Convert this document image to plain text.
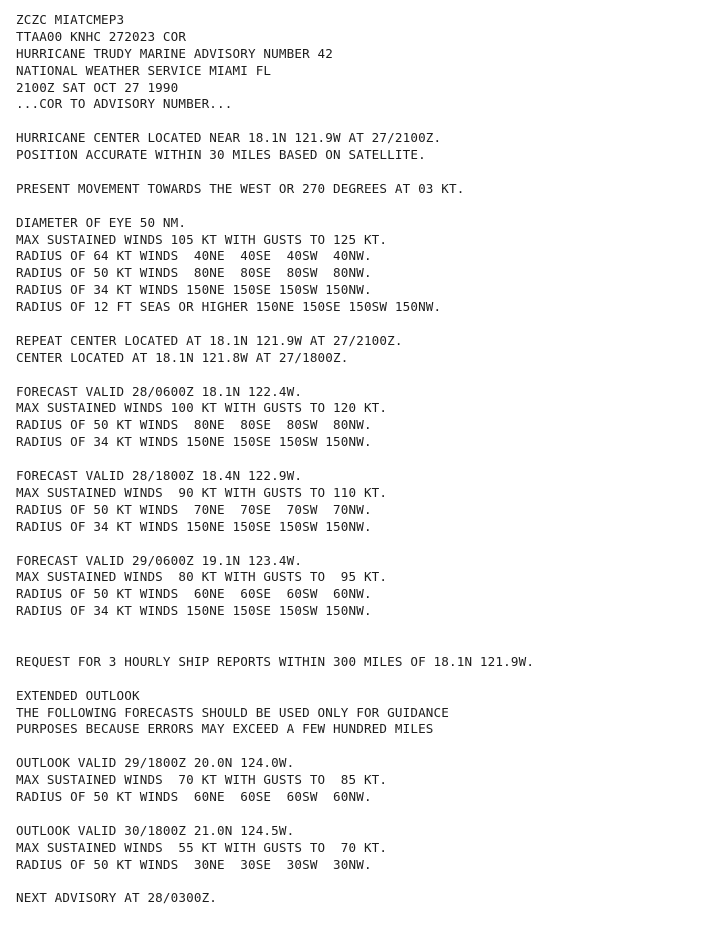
ZCZC MIATCMEP3
TTAA00 KNHC 272023 COR
HURRICANE TRUDY MARINE ADVISORY NUMBER 42
NATIONAL WEATHER SERVICE MIAMI FL
2100Z SAT OCT 27 1990
...COR TO ADVISORY NUMBER...
HURRICANE CENTER LOCATED NEAR 18.1N 121.9W AT 27/2100Z.
POSITION ACCURATE WITHIN 30 MILES BASED ON SATELLITE.
PRESENT MOVEMENT TOWARDS THE WEST OR 270 DEGREES AT 03 KT.
DIAMETER OF EYE 50 NM.
MAX SUSTAINED WINDS 105 KT WITH GUSTS TO 125 KT.
RADIUS OF 64 KT WINDS  40NE  40SE  40SW  40NW.
RADIUS OF 50 KT WINDS  80NE  80SE  80SW  80NW.
RADIUS OF 34 KT WINDS 150NE 150SE 150SW 150NW.
RADIUS OF 12 FT SEAS OR HIGHER 150NE 150SE 150SW 150NW.
REPEAT CENTER LOCATED AT 18.1N 121.9W AT 27/2100Z.
CENTER LOCATED AT 18.1N 121.8W AT 27/1800Z.
FORECAST VALID 28/0600Z 18.1N 122.4W.
MAX SUSTAINED WINDS 100 KT WITH GUSTS TO 120 KT.
RADIUS OF 50 KT WINDS  80NE  80SE  80SW  80NW.
RADIUS OF 34 KT WINDS 150NE 150SE 150SW 150NW.
FORECAST VALID 28/1800Z 18.4N 122.9W.
MAX SUSTAINED WINDS  90 KT WITH GUSTS TO 110 KT.
RADIUS OF 50 KT WINDS  70NE  70SE  70SW  70NW.
RADIUS OF 34 KT WINDS 150NE 150SE 150SW 150NW.
FORECAST VALID 29/0600Z 19.1N 123.4W.
MAX SUSTAINED WINDS  80 KT WITH GUSTS TO  95 KT.
RADIUS OF 50 KT WINDS  60NE  60SE  60SW  60NW.
RADIUS OF 34 KT WINDS 150NE 150SE 150SW 150NW.
REQUEST FOR 3 HOURLY SHIP REPORTS WITHIN 300 MILES OF 18.1N 121.9W.
EXTENDED OUTLOOK
THE FOLLOWING FORECASTS SHOULD BE USED ONLY FOR GUIDANCE
PURPOSES BECAUSE ERRORS MAY EXCEED A FEW HUNDRED MILES
OUTLOOK VALID 29/1800Z 20.0N 124.0W.
MAX SUSTAINED WINDS  70 KT WITH GUSTS TO  85 KT.
RADIUS OF 50 KT WINDS  60NE  60SE  60SW  60NW.
OUTLOOK VALID 30/1800Z 21.0N 124.5W.
MAX SUSTAINED WINDS  55 KT WITH GUSTS TO  70 KT.
RADIUS OF 50 KT WINDS  30NE  30SE  30SW  30NW.
NEXT ADVISORY AT 28/0300Z.
